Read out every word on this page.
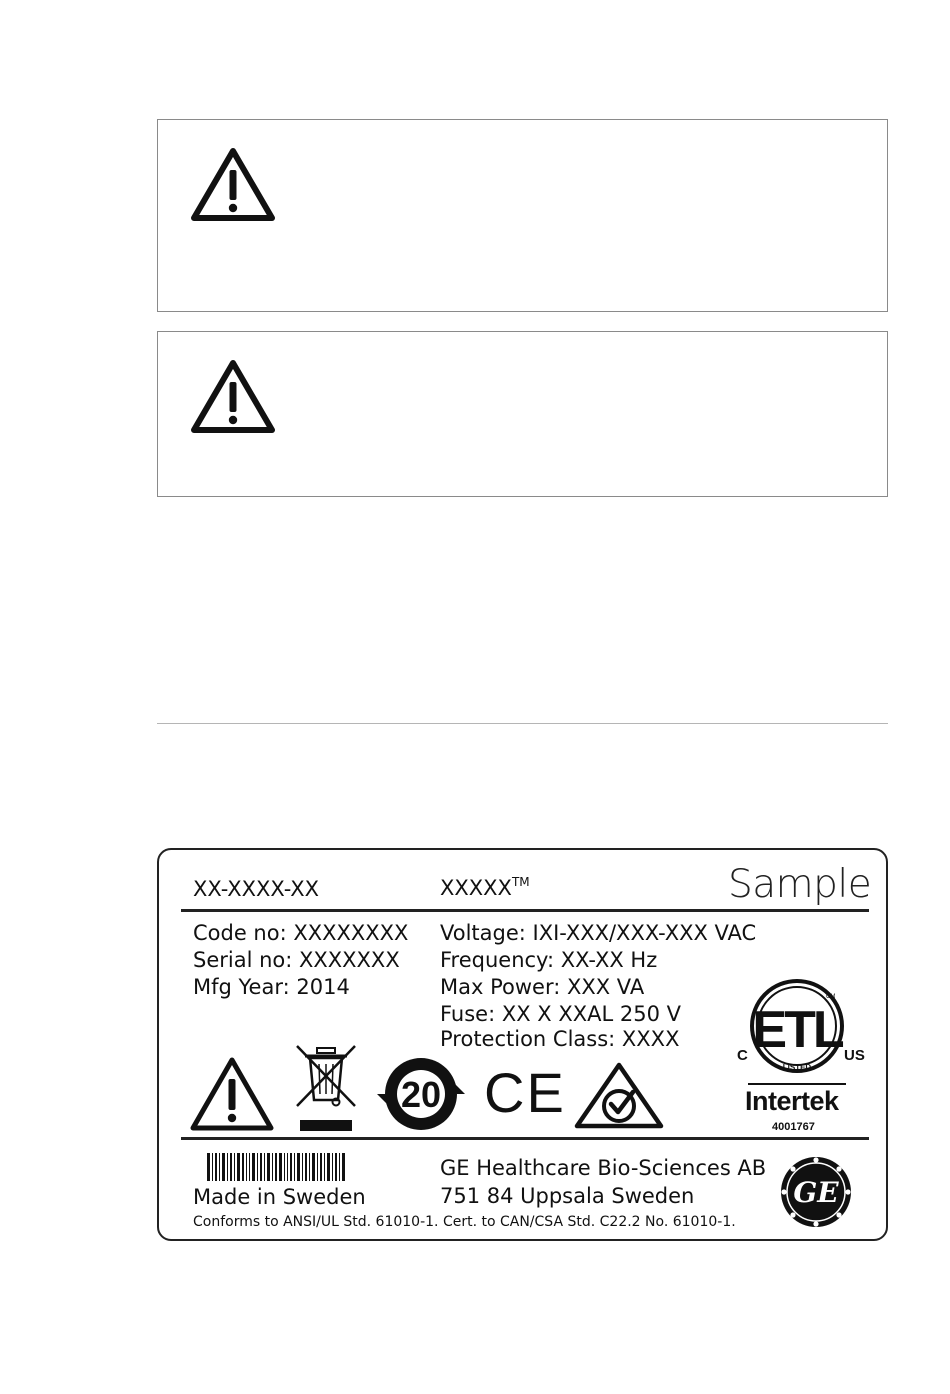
XX-XXXX-XX	XXXXX™	Sample
Code no: XXXXXXXX
Serial no: XXXXXXX
Mfg Year: 2014
Voltage: IXI-XXX/XXX-XXX VAC
Frequency: XX-XX Hz
Max Power: XXX VA
Fuse: XX X XXAL 250 V
Protection Class: XXXX
20 CE
ETL
CM
LISTED
C	US
Intertek
4001767
Made in Sweden
GE Healthcare Bio-Sciences AB
751 84 Uppsala Sweden	GE
Conforms to ANSI/UL Std. 61010-1. Cert. to CAN/CSA Std. C22.2 No. 61010-1.
